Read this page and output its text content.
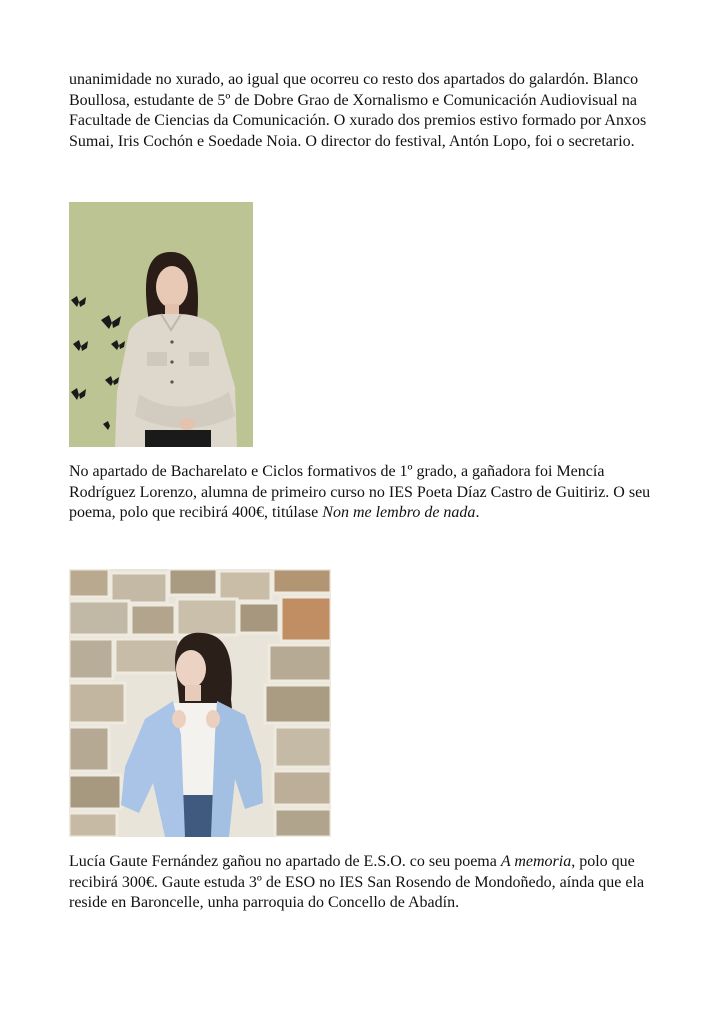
unanimidade no xurado, ao igual que ocorreu co resto dos apartados do galardón. Blanco Boullosa, estudante de 5º de Dobre Grao de Xornalismo e Comunicación Audiovisual na Facultade de Ciencias da Comunicación. O xurado dos premios estivo formado por Anxos Sumai, Iris Cochón e Soedade Noia. O director do festival, Antón Lopo, foi o secretario.

No apartado de Bacharelato e Ciclos formativos de 1º grado, a gañadora foi Mencía Rodríguez Lorenzo, alumna de primeiro curso no IES Poeta Díaz Castro de Guitiriz. O seu poema, polo que recibirá 400€, titúlase Non me lembro de nada.

Lucía Gaute Fernández gañou no apartado de E.S.O. co seu poema A memoria, polo que recibirá 300€. Gaute estuda 3º de ESO no IES San Rosendo de Mondoñedo, aínda que ela reside en Baroncelle, unha parroquia do Concello de Abadín.
